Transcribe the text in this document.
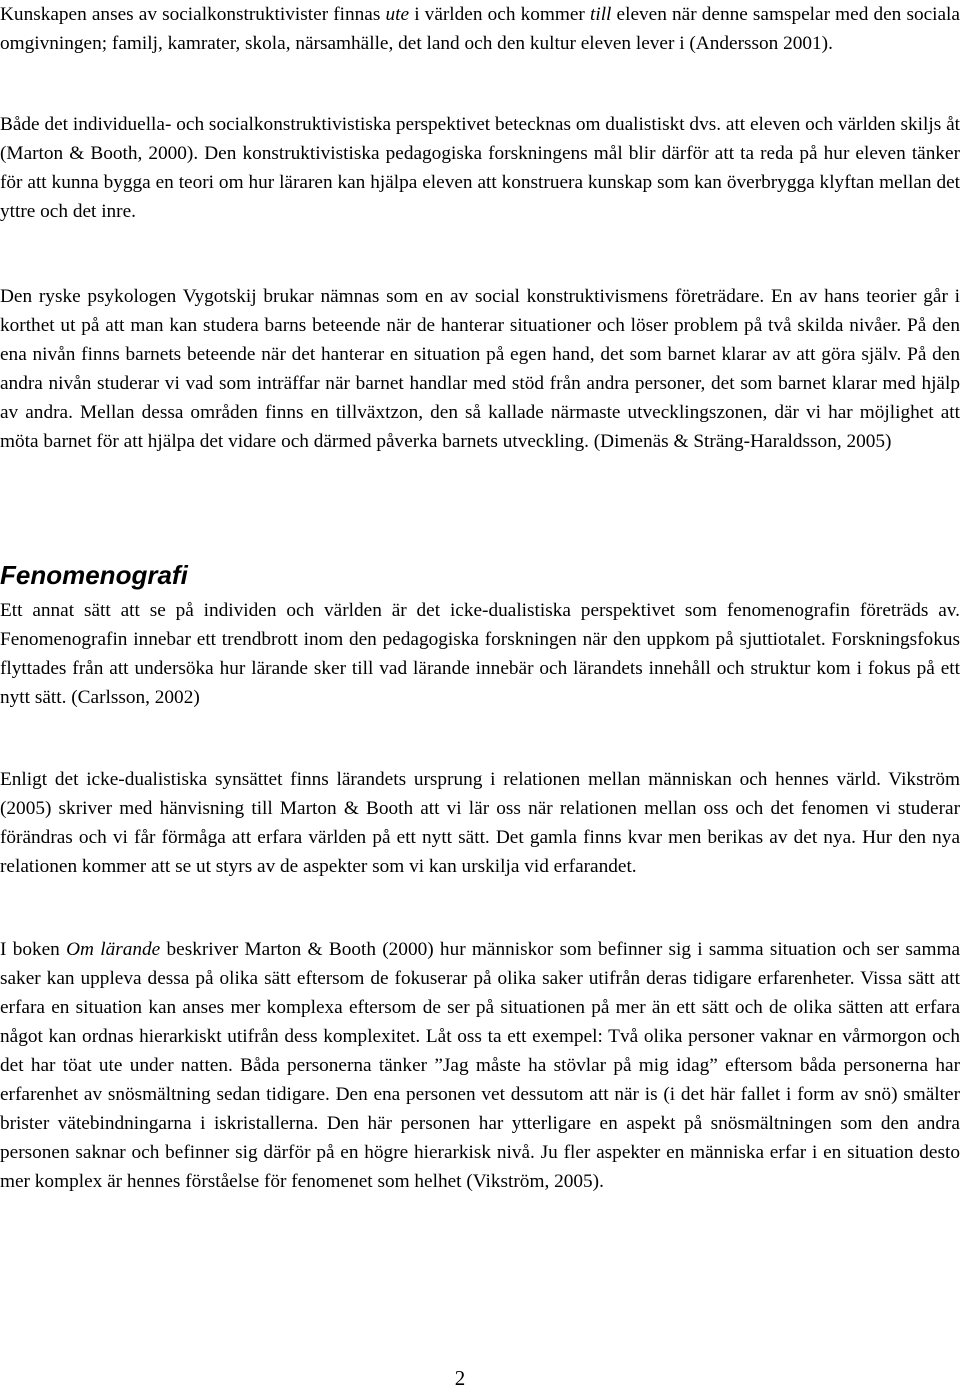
Kunskapen anses av socialkonstruktivister finnas ute i världen och kommer till eleven när denne samspelar med den sociala omgivningen; familj, kamrater, skola, närsamhälle, det land och den kultur eleven lever i (Andersson 2001).

Både det individuella- och socialkonstruktivistiska perspektivet betecknas om dualistiskt dvs. att eleven och världen skiljs åt (Marton & Booth, 2000). Den konstruktivistiska pedagogiska forskningens mål blir därför att ta reda på hur eleven tänker för att kunna bygga en teori om hur läraren kan hjälpa eleven att konstruera kunskap som kan överbrygga klyftan mellan det yttre och det inre.

Den ryske psykologen Vygotskij brukar nämnas som en av social konstruktivismens företrädare. En av hans teorier går i korthet ut på att man kan studera barns beteende när de hanterar situationer och löser problem på två skilda nivåer. På den ena nivån finns barnets beteende när det hanterar en situation på egen hand, det som barnet klarar av att göra själv. På den andra nivån studerar vi vad som inträffar när barnet handlar med stöd från andra personer, det som barnet klarar med hjälp av andra. Mellan dessa områden finns en tillväxtzon, den så kallade närmaste utvecklingszonen, där vi har möjlighet att möta barnet för att hjälpa det vidare och därmed påverka barnets utveckling. (Dimenäs & Sträng-Haraldsson, 2005)

Fenomenografi

Ett annat sätt att se på individen och världen är det icke-dualistiska perspektivet som fenomenografin företräds av. Fenomenografin innebar ett trendbrott inom den pedagogiska forskningen när den uppkom på sjuttiotalet. Forskningsfokus flyttades från att undersöka hur lärande sker till vad lärande innebär och lärandets innehåll och struktur kom i fokus på ett nytt sätt. (Carlsson, 2002)

Enligt det icke-dualistiska synsättet finns lärandets ursprung i relationen mellan människan och hennes värld. Vikström (2005) skriver med hänvisning till Marton & Booth att vi lär oss när relationen mellan oss och det fenomen vi studerar förändras och vi får förmåga att erfara världen på ett nytt sätt. Det gamla finns kvar men berikas av det nya. Hur den nya relationen kommer att se ut styrs av de aspekter som vi kan urskilja vid erfarandet.

I boken Om lärande beskriver Marton & Booth (2000) hur människor som befinner sig i samma situation och ser samma saker kan uppleva dessa på olika sätt eftersom de fokuserar på olika saker utifrån deras tidigare erfarenheter. Vissa sätt att erfara en situation kan anses mer komplexa eftersom de ser på situationen på mer än ett sätt och de olika sätten att erfara något kan ordnas hierarkiskt utifrån dess komplexitet. Låt oss ta ett exempel: Två olika personer vaknar en vårmorgon och det har töat ute under natten. Båda personerna tänker ”Jag måste ha stövlar på mig idag” eftersom båda personerna har erfarenhet av snösmältning sedan tidigare. Den ena personen vet dessutom att när is (i det här fallet i form av snö) smälter brister vätebindningarna i iskristallerna. Den här personen har ytterligare en aspekt på snösmältningen som den andra personen saknar och befinner sig därför på en högre hierarkisk nivå. Ju fler aspekter en människa erfar i en situation desto mer komplex är hennes förståelse för fenomenet som helhet (Vikström, 2005).

2
